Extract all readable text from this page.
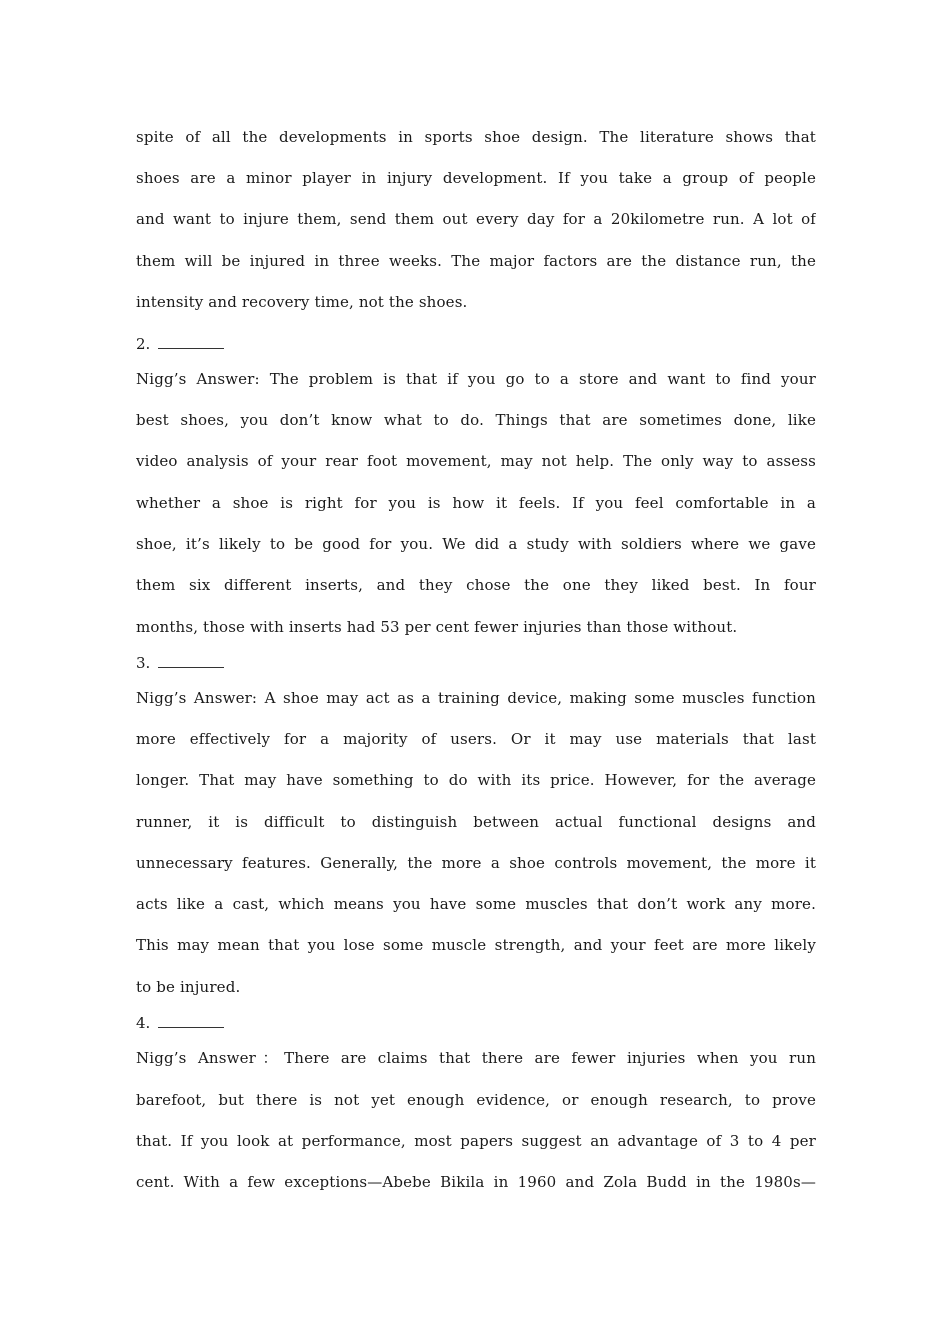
spite of all the developments in sports shoe design. The literature shows that
shoes are a minor player in injury development. If you take a group of people
and want to injure them, send them out every day for a 20kilometre run. A lot of
them will be injured in three weeks. The major factors are the distance run, the
intensity and recovery time, not the shoes.
2.
Nigg’s Answer: The problem is that if you go to a store and want to find your
best shoes, you don’t know what to do. Things that are sometimes done, like
video analysis of your rear foot movement, may not help. The only way to assess
whether a shoe is right for you is how it feels. If you feel comfortable in a
shoe, it’s likely to be good for you. We did a study with soldiers where we gave
them six different inserts, and they chose the one they liked best. In four
months, those with inserts had 53 per cent fewer injuries than those without.
3.
Nigg’s Answer: A shoe may act as a training device, making some muscles function
more effectively for a majority of users. Or it may use materials that last
longer. That may have something to do with its price. However, for the average
runner, it is difficult to distinguish between actual functional designs and
unnecessary features. Generally, the more a shoe controls movement, the more it
acts like a cast, which means you have some muscles that don’t work any more.
This may mean that you lose some muscle strength, and your feet are more likely
to be injured.
4.
Nigg’s Answer：There are claims that there are fewer injuries when you run
barefoot, but there is not yet enough evidence, or enough research, to prove
that. If you look at performance, most papers suggest an advantage of 3 to 4 per
cent. With a few exceptions—Abebe Bikila in 1960 and Zola Budd in the 1980s—
